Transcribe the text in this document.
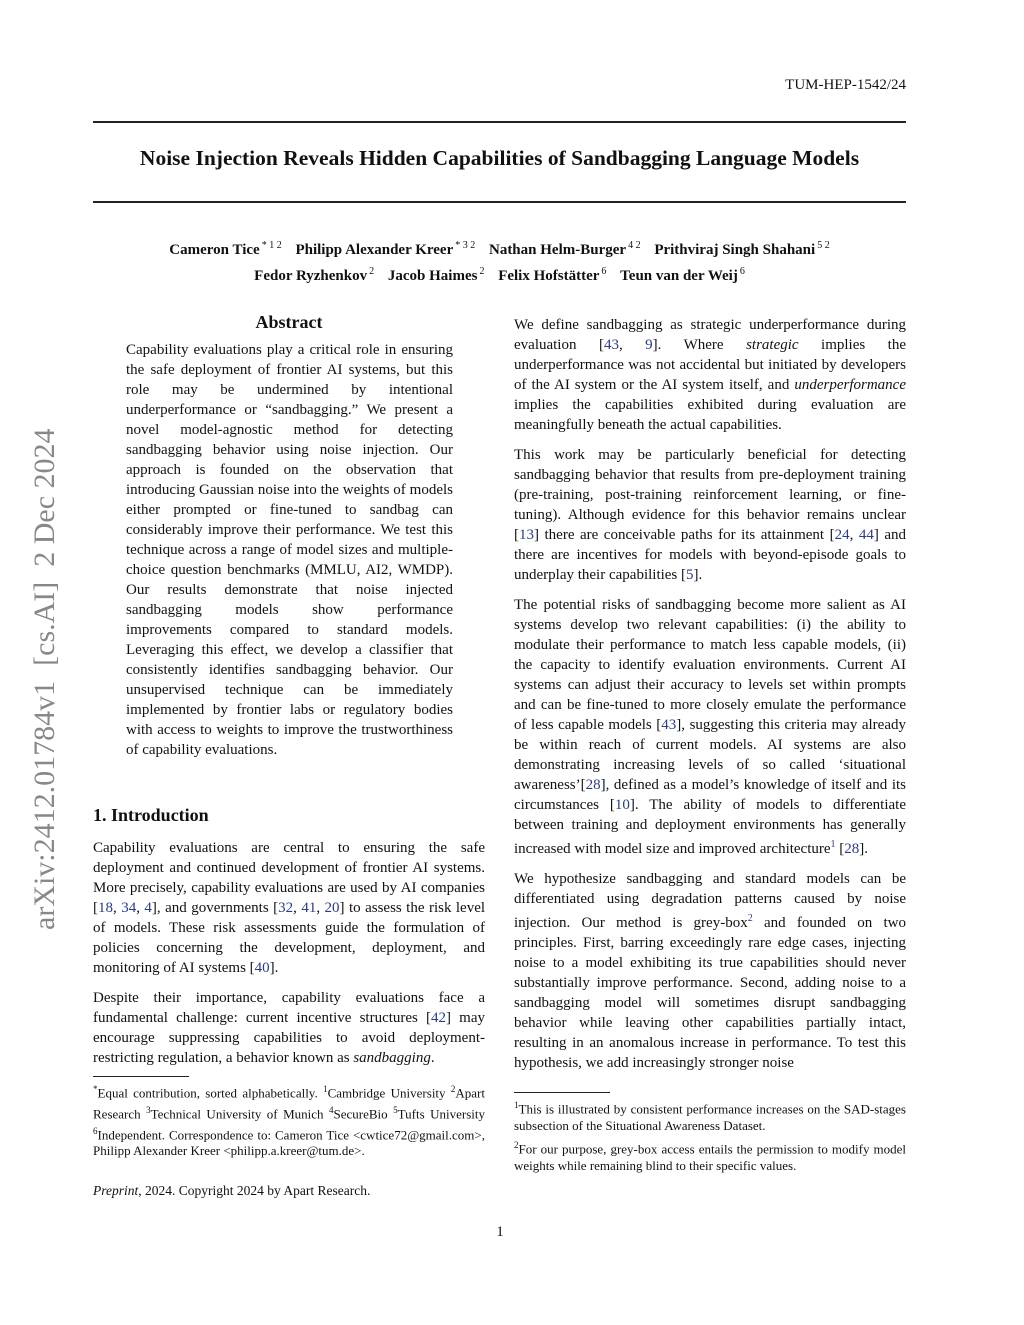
TUM-HEP-1542/24
Noise Injection Reveals Hidden Capabilities of Sandbagging Language Models
Cameron Tice $^{* 1 2}$ Philipp Alexander Kreer $^{* 3 2}$ Nathan Helm-Burger $^{4 2}$ Prithviraj Singh Shahani $^{5 2}$
Fedor Ryzhenkov $^2$ Jacob Haimes $^2$ Felix Hofstätter $^6$ Teun van der Weij $^6$
arXiv:2412.01784v1  [cs.AI]  2 Dec 2024
Abstract
Capability evaluations play a critical role in ensuring the safe deployment of frontier AI systems, but this role may be undermined by intentional underperformance or “sandbagging.” We present a novel model-agnostic method for detecting sandbagging behavior using noise injection. Our approach is founded on the observation that introducing Gaussian noise into the weights of models either prompted or fine-tuned to sandbag can considerably improve their performance. We test this technique across a range of model sizes and multiple-choice question benchmarks (MMLU, AI2, WMDP). Our results demonstrate that noise injected sandbagging models show performance improvements compared to standard models. Leveraging this effect, we develop a classifier that consistently identifies sandbagging behavior. Our unsupervised technique can be immediately implemented by frontier labs or regulatory bodies with access to weights to improve the trustworthiness of capability evaluations.
1. Introduction

Capability evaluations are central to ensuring the safe deployment and continued development of frontier AI systems. More precisely, capability evaluations are used by AI companies [18, 34, 4], and governments [32, 41, 20] to assess the risk level of models. These risk assessments guide the formulation of policies concerning the development, deployment, and monitoring of AI systems [40].

Despite their importance, capability evaluations face a fundamental challenge: current incentive structures [42] may encourage suppressing capabilities to avoid deployment-restricting regulation, a behavior known as sandbagging.

*Equal contribution, sorted alphabetically. $^1$Cambridge University $^2$Apart Research $^3$Technical University of Munich $^4$SecureBio $^5$Tufts University $^6$Independent. Correspondence to: Cameron Tice <cwtice72@gmail.com>, Philipp Alexander Kreer <philipp.a.kreer@tum.de>.

Preprint, 2024. Copyright 2024 by Apart Research.

We define sandbagging as strategic underperformance during evaluation [43, 9]. Where strategic implies the underperformance was not accidental but initiated by developers of the AI system or the AI system itself, and underperformance implies the capabilities exhibited during evaluation are meaningfully beneath the actual capabilities.

This work may be particularly beneficial for detecting sandbagging behavior that results from pre-deployment training (pre-training, post-training reinforcement learning, or fine-tuning). Although evidence for this behavior remains unclear [13] there are conceivable paths for its attainment [24, 44] and there are incentives for models with beyond-episode goals to underplay their capabilities [5].

The potential risks of sandbagging become more salient as AI systems develop two relevant capabilities: (i) the ability to modulate their performance to match less capable models, (ii) the capacity to identify evaluation environments. Current AI systems can adjust their accuracy to levels set within prompts and can be fine-tuned to more closely emulate the performance of less capable models [43], suggesting this criteria may already be within reach of current models. AI systems are also demonstrating increasing levels of so called ‘situational awareness’[28], defined as a model’s knowledge of itself and its circumstances [10]. The ability of models to differentiate between training and deployment environments has generally increased with model size and improved architecture$^1$ [28].

We hypothesize sandbagging and standard models can be differentiated using degradation patterns caused by noise injection. Our method is grey-box$^2$ and founded on two principles. First, barring exceedingly rare edge cases, injecting noise to a model exhibiting its true capabilities should never substantially improve performance. Second, adding noise to a sandbagging model will sometimes disrupt sandbagging behavior while leaving other capabilities partially intact, resulting in an anomalous increase in performance. To test this hypothesis, we add increasingly stronger noise

$^1$This is illustrated by consistent performance increases on the SAD-stages subsection of the Situational Awareness Dataset.

$^2$For our purpose, grey-box access entails the permission to modify model weights while remaining blind to their specific values.

1
